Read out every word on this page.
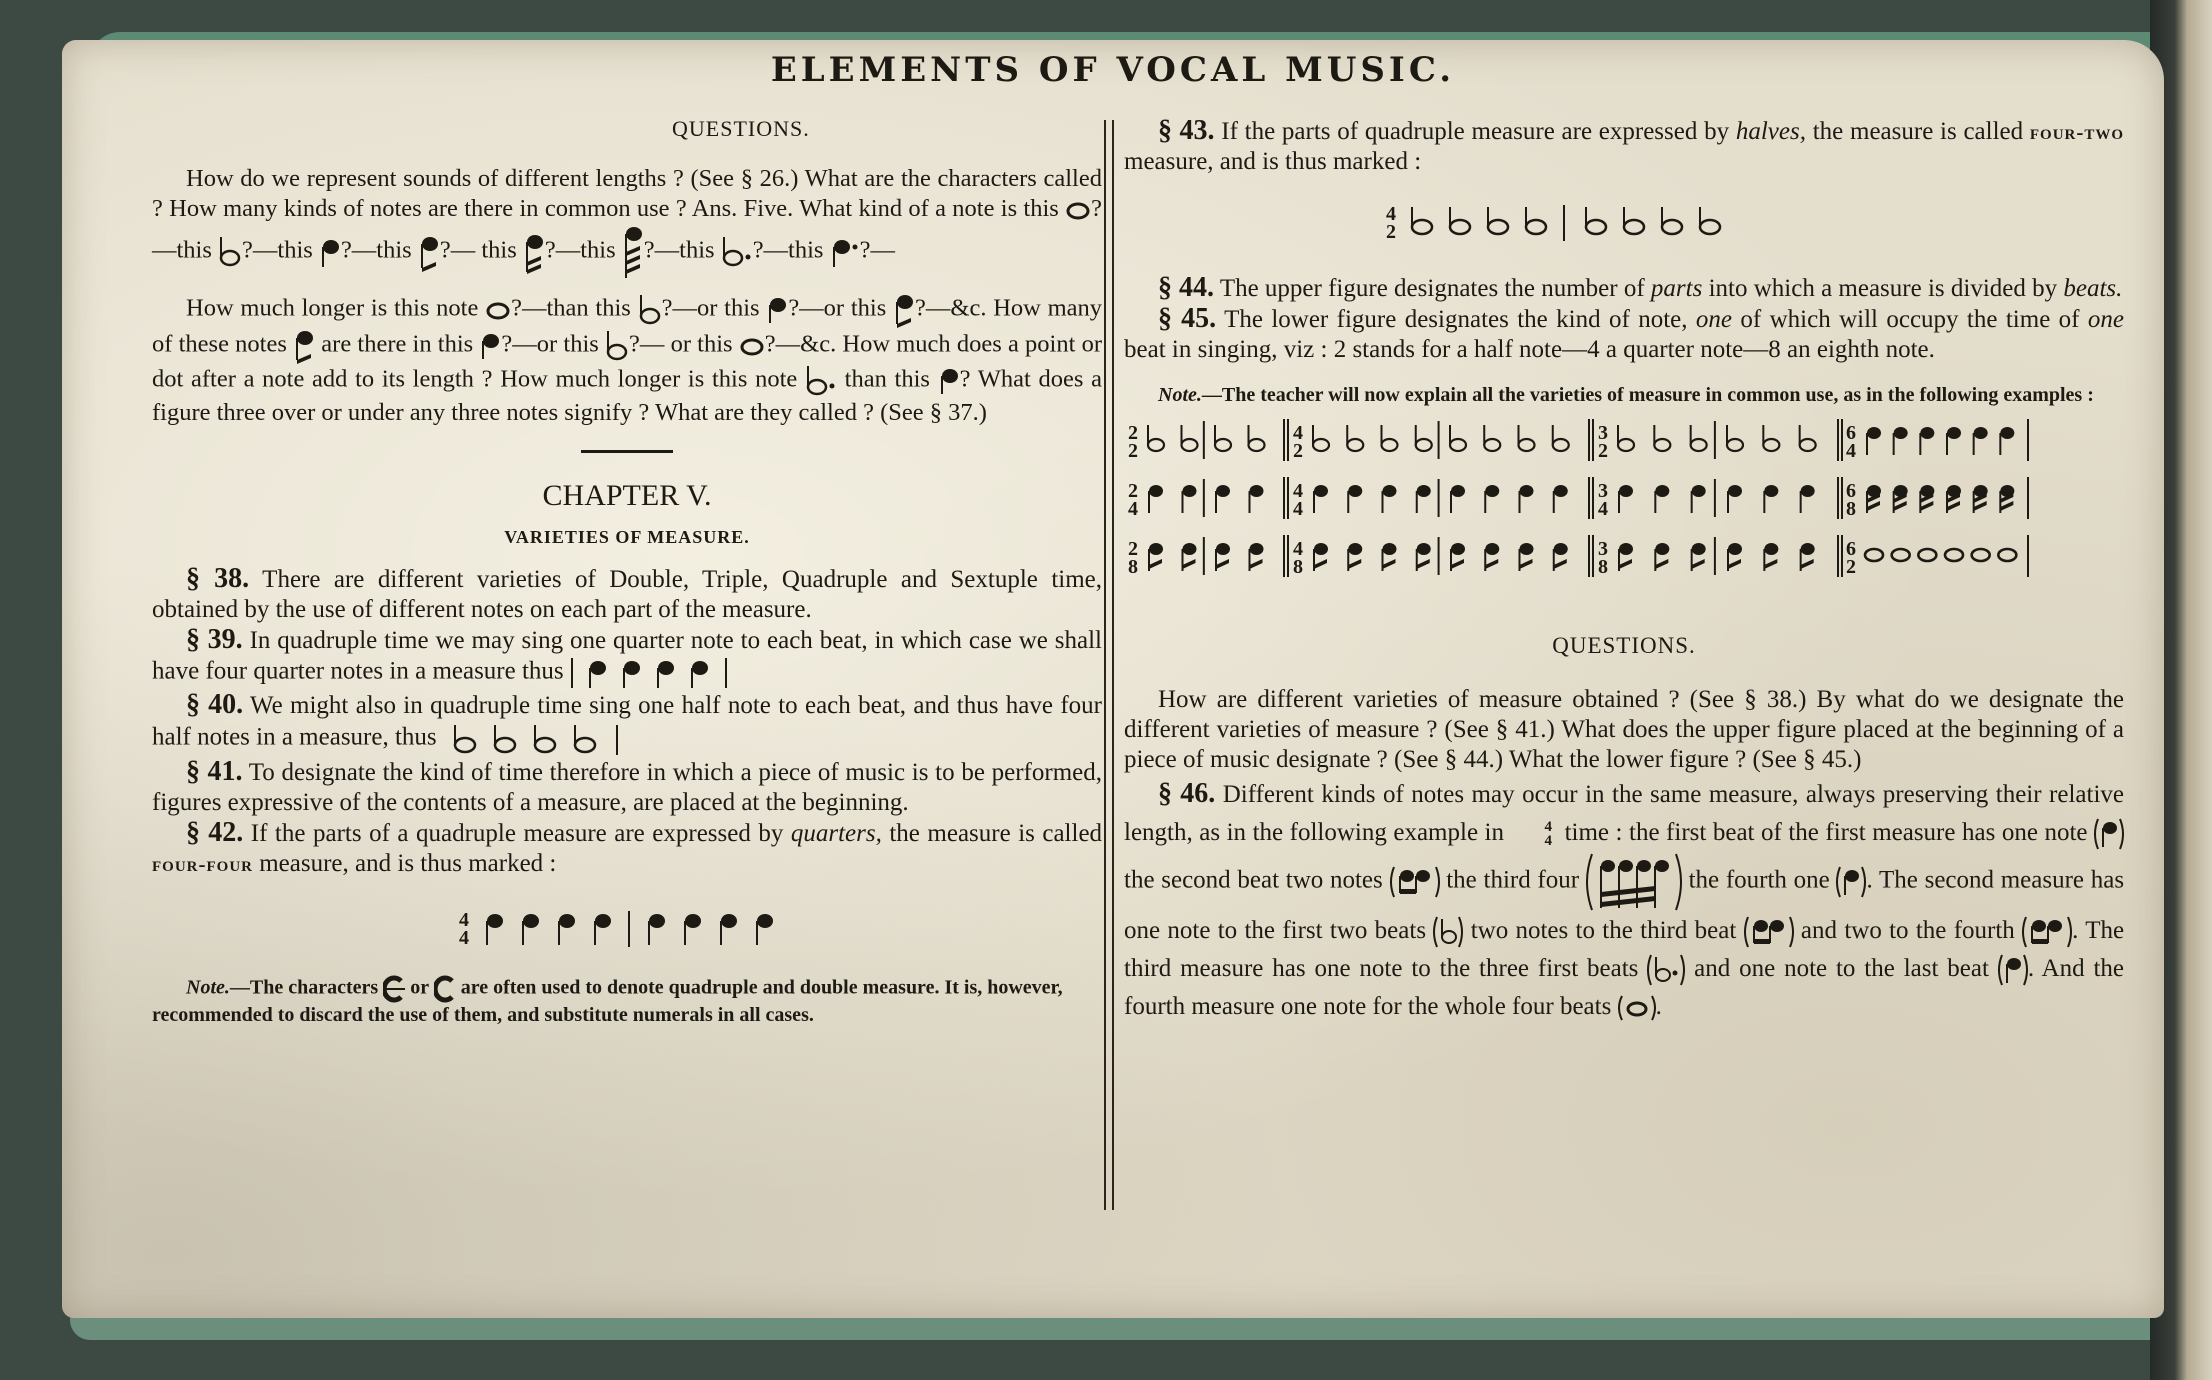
ELEMENTS OF VOCAL MUSIC.
QUESTIONS.

How do we represent sounds of different lengths ? (See § 26.) What are the characters called ? How many kinds of notes are there in common use ? Ans. Five. What kind of a note is this ?—this ?—this ?—this ?— this ?—this ?—this ?—this ?—

How much longer is this note ?—than this ?—or this ?—or this ?—&c. How many of these notes are there in this ?—or this ?— or this ?—&c. How much does a point or dot after a note add to its length ? How much longer is this note than this ? What does a figure three over or under any three notes signify ? What are they called ? (See § 37.)

CHAPTER V.
VARIETIES OF MEASURE.

§ 38. There are different varieties of Double, Triple, Quadruple and Sextuple time, obtained by the use of different notes on each part of the measure.

§ 39. In quadruple time we may sing one quarter note to each beat, in which case we shall have four quarter notes in a measure thus

§ 40. We might also in quadruple time sing one half note to each beat, and thus have four half notes in a measure, thus

§ 41. To designate the kind of time therefore in which a piece of music is to be performed, figures expressive of the contents of a measure, are placed at the beginning.

§ 42. If the parts of a quadruple measure are expressed by quarters, the measure is called four-four measure, and is thus marked :

4
4

Note.—The characters or are often used to denote quadruple and double measure. It is, however, recommended to discard the use of them, and substitute numerals in all cases.

§ 43. If the parts of quadruple measure are expressed by halves, the measure is called four-two measure, and is thus marked :

4
2

§ 44. The upper figure designates the number of parts into which a measure is divided by beats.

§ 45. The lower figure designates the kind of note, one of which will occupy the time of one beat in singing, viz : 2 stands for a half note—4 a quarter note—8 an eighth note.

Note.—The teacher will now explain all the varieties of measure in common use, as in the following examples :

2
2
4
2
3
2
6
4
2
4
4
4
3
4
6
8
2
8
4
8
3
8
6
2
QUESTIONS.

How are different varieties of measure obtained ? (See § 38.) By what do we designate the different varieties of measure ? (See § 41.) What does the upper figure placed at the beginning of a piece of music designate ? (See § 44.) What the lower figure ? (See § 45.)

§ 46. Different kinds of notes may occur in the same measure, always preserving their relative length, as in the following example in	4
4 time : the first beat of the first measure has one note
the second beat two notes	the third four	the fourth one . The second measure has one note to the first two beats two notes to the third beat	and two to the fourth . The third measure has one note to the three first beats and one note to the last beat . And the fourth measure one note for the whole four beats .
